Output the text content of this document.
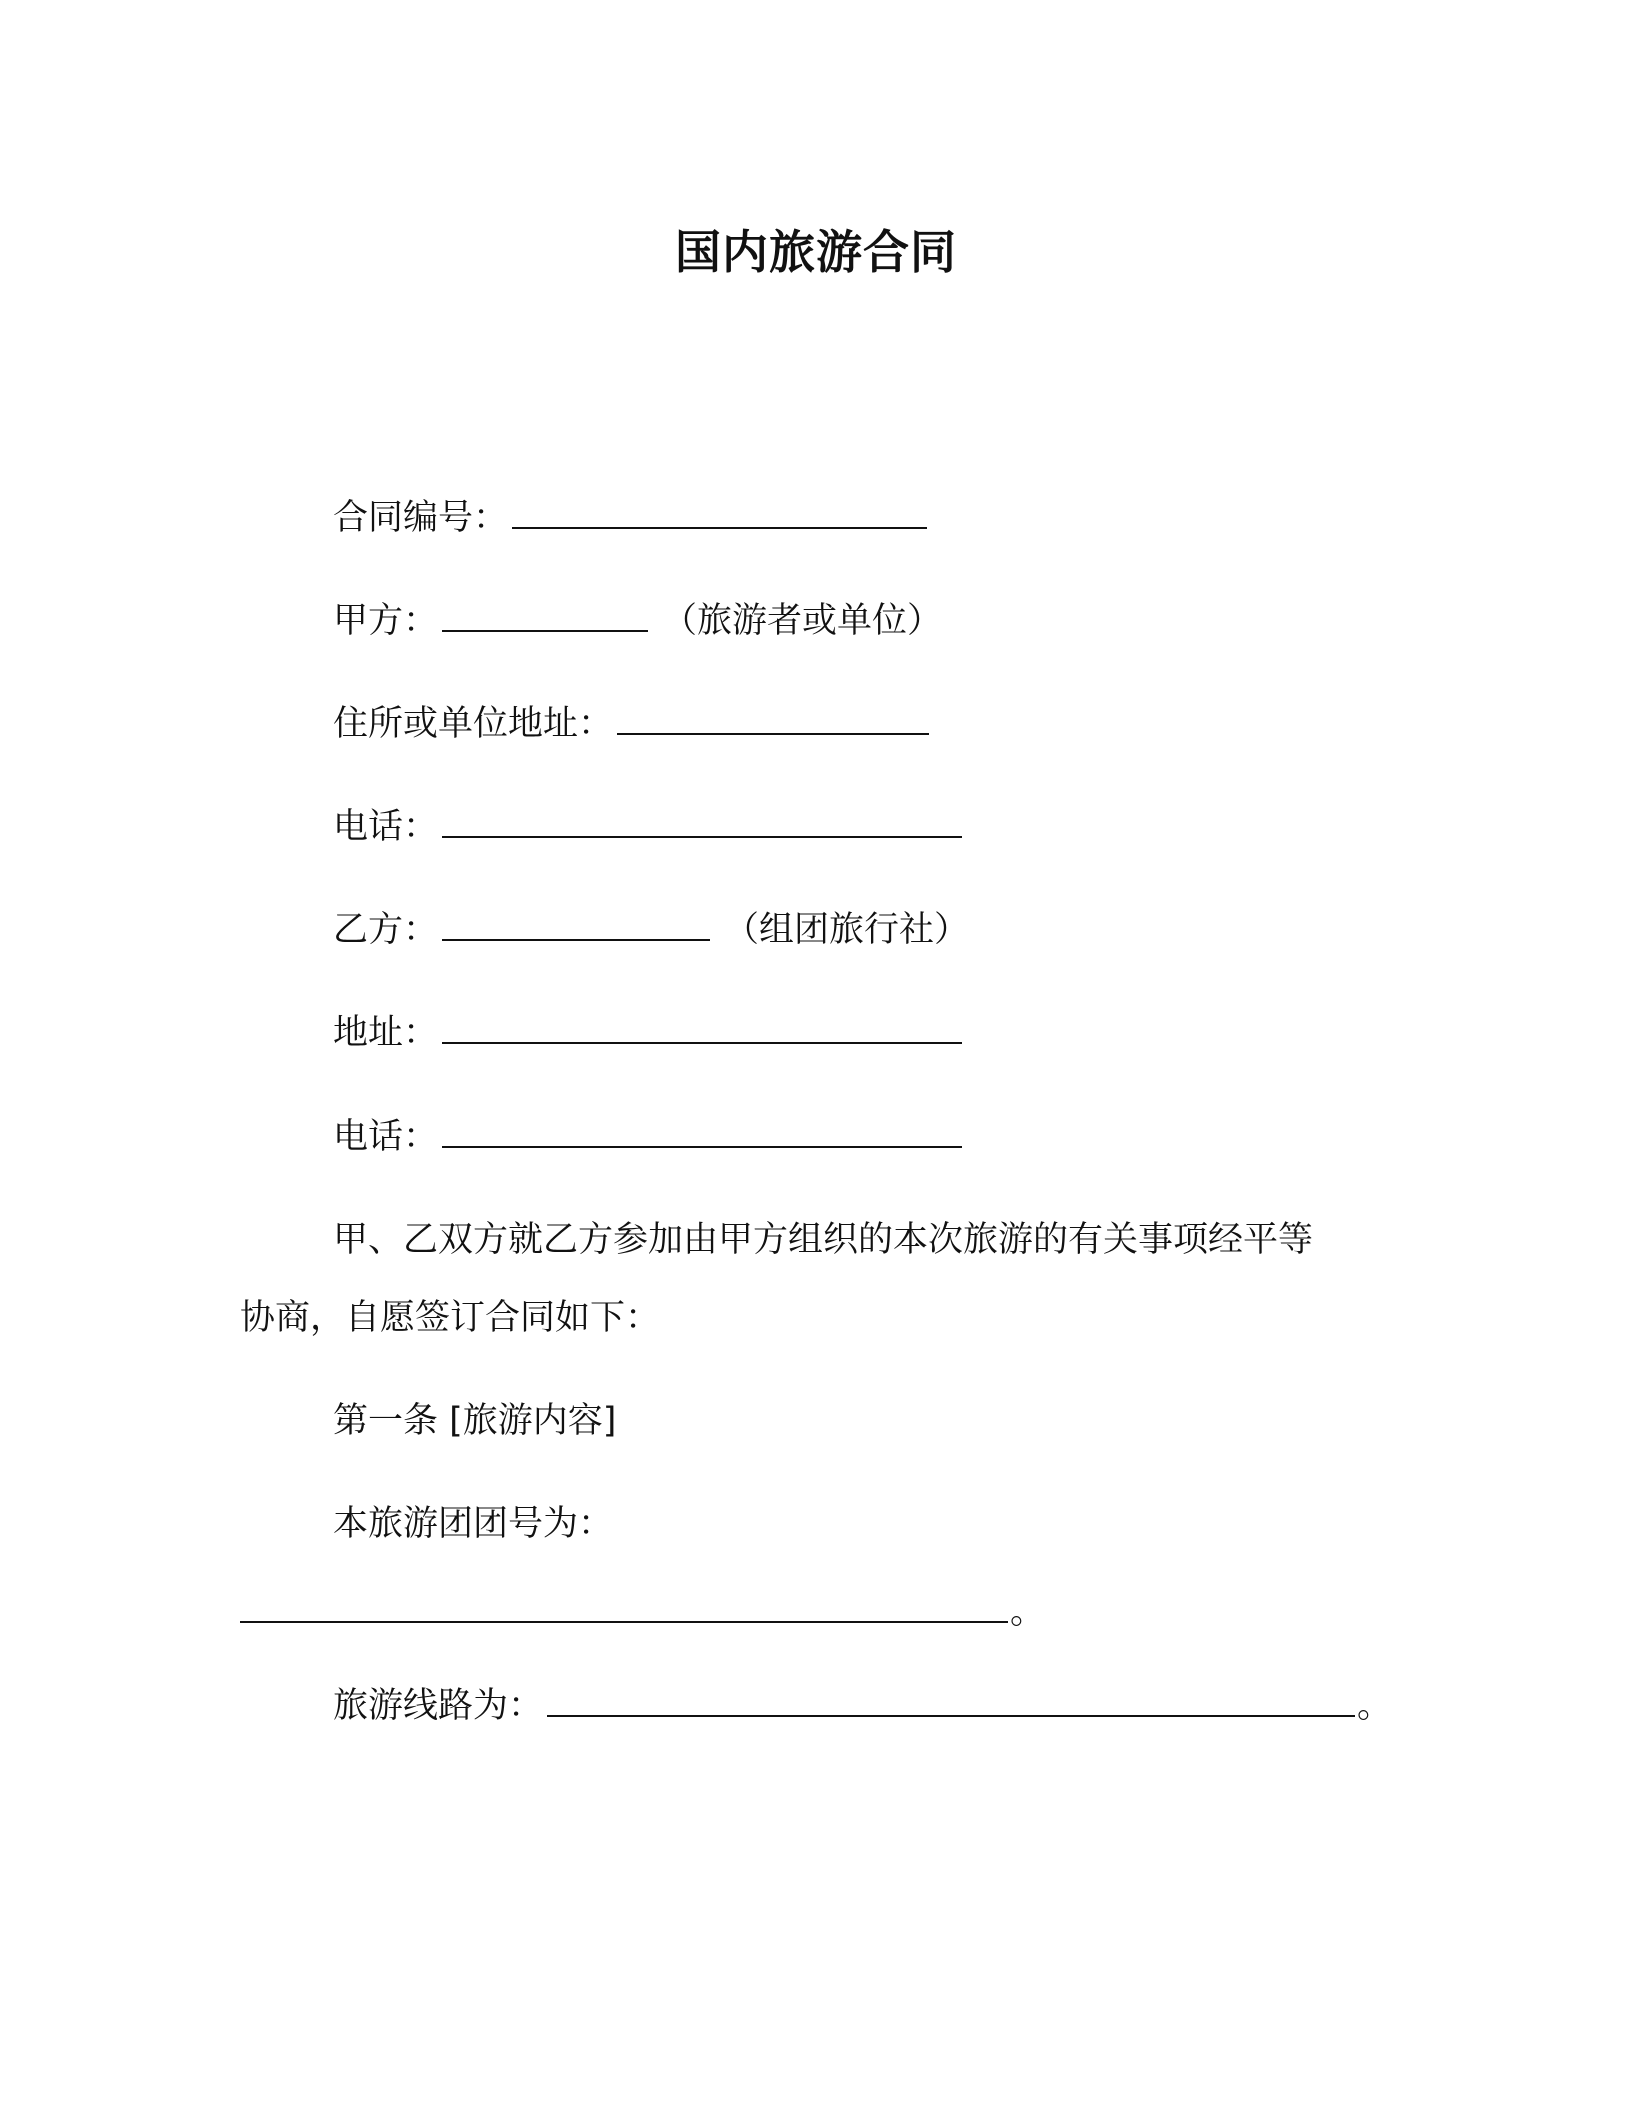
国内旅游合同
合同编号：
甲方：	（旅游者或单位）
住所或单位地址：
电话：
乙方：	（组团旅行社）
地址：
电话：
甲、乙双方就乙方参加由甲方组织的本次旅游的有关事项经平等
协商，自愿签订合同如下：
第一条 [旅游内容]
本旅游团团号为：
。
旅游线路为：	。
